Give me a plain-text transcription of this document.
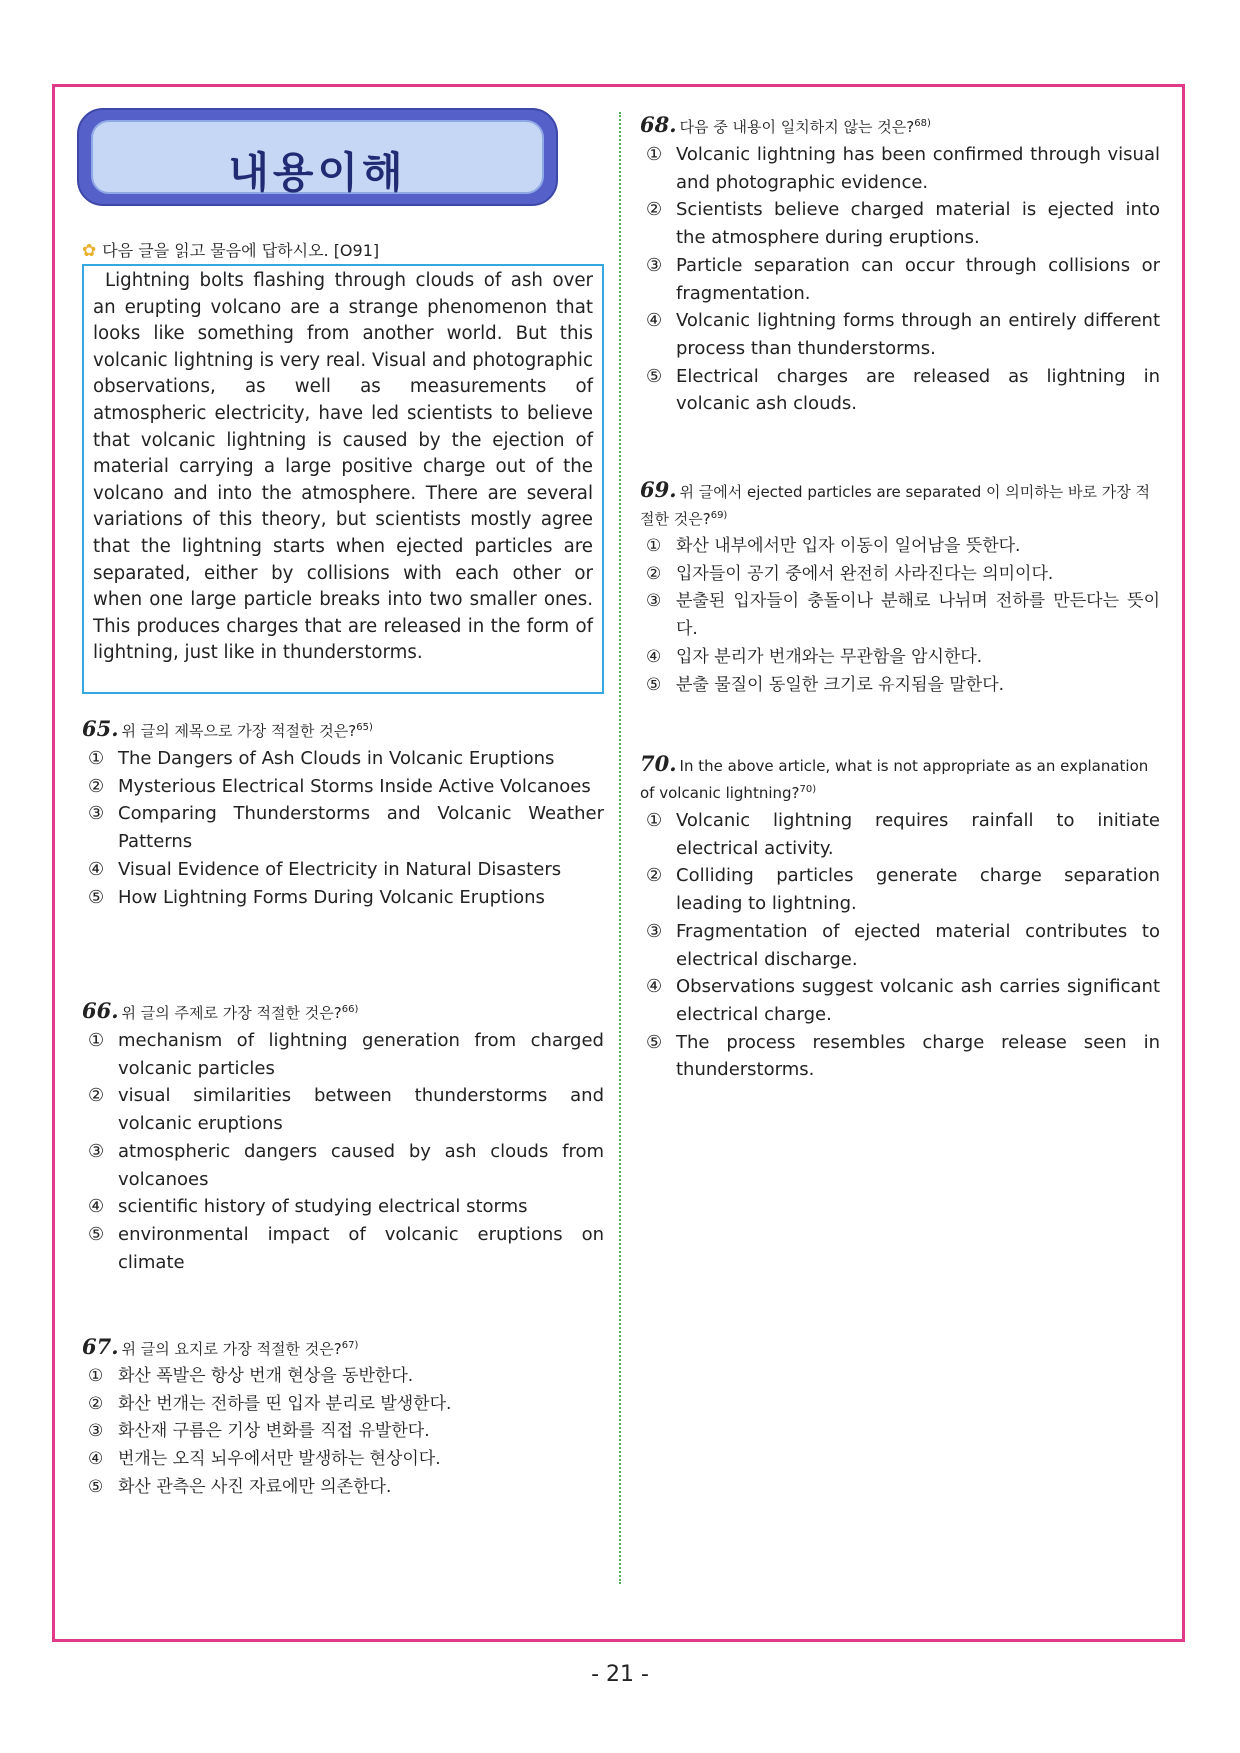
내용이해
✿ 다음 글을 읽고 물음에 답하시오. [O91]

Lightning bolts flashing through clouds of ash over an erupting volcano are a strange phenomenon that looks like something from another world. But this volcanic lightning is very real. Visual and photographic observations, as well as measurements of atmospheric electricity, have led scientists to believe that volcanic lightning is caused by the ejection of material carrying a large positive charge out of the volcano and into the atmosphere. There are several variations of this theory, but scientists mostly agree that the lightning starts when ejected particles are separated, either by collisions with each other or when one large particle breaks into two smaller ones. This produces charges that are released in the form of lightning, just like in thunderstorms.

65. 위 글의 제목으로 가장 적절한 것은?$^{65)}$
① The Dangers of Ash Clouds in Volcanic Eruptions
② Mysterious Electrical Storms Inside Active Volcanoes
③ Comparing Thunderstorms and Volcanic Weather Patterns
④ Visual Evidence of Electricity in Natural Disasters
⑤ How Lightning Forms During Volcanic Eruptions
66. 위 글의 주제로 가장 적절한 것은?$^{66)}$
① mechanism of lightning generation from charged volcanic particles
② visual similarities between thunderstorms and volcanic eruptions
③ atmospheric dangers caused by ash clouds from volcanoes
④ scientific history of studying electrical storms
⑤ environmental impact of volcanic eruptions on climate
67. 위 글의 요지로 가장 적절한 것은?$^{67)}$
① 화산 폭발은 항상 번개 현상을 동반한다.
② 화산 번개는 전하를 띤 입자 분리로 발생한다.
③ 화산재 구름은 기상 변화를 직접 유발한다.
④ 번개는 오직 뇌우에서만 발생하는 현상이다.
⑤ 화산 관측은 사진 자료에만 의존한다.
68. 다음 중 내용이 일치하지 않는 것은?$^{68)}$
① Volcanic lightning has been confirmed through visual and photographic evidence.
② Scientists believe charged material is ejected into the atmosphere during eruptions.
③ Particle separation can occur through collisions or fragmentation.
④ Volcanic lightning forms through an entirely different process than thunderstorms.
⑤ Electrical charges are released as lightning in volcanic ash clouds.
69. 위 글에서 ejected particles are separated 이 의미하는 바로 가장 적절한 것은?$^{69)}$
① 화산 내부에서만 입자 이동이 일어남을 뜻한다.
② 입자들이 공기 중에서 완전히 사라진다는 의미이다.
③ 분출된 입자들이 충돌이나 분해로 나뉘며 전하를 만든다는 뜻이다.
④ 입자 분리가 번개와는 무관함을 암시한다.
⑤ 분출 물질이 동일한 크기로 유지됨을 말한다.
70. In the above article, what is not appropriate as an explanation of volcanic lightning?$^{70)}$
① Volcanic lightning requires rainfall to initiate electrical activity.
② Colliding particles generate charge separation leading to lightning.
③ Fragmentation of ejected material contributes to electrical discharge.
④ Observations suggest volcanic ash carries significant electrical charge.
⑤ The process resembles charge release seen in thunderstorms.
- 21 -
